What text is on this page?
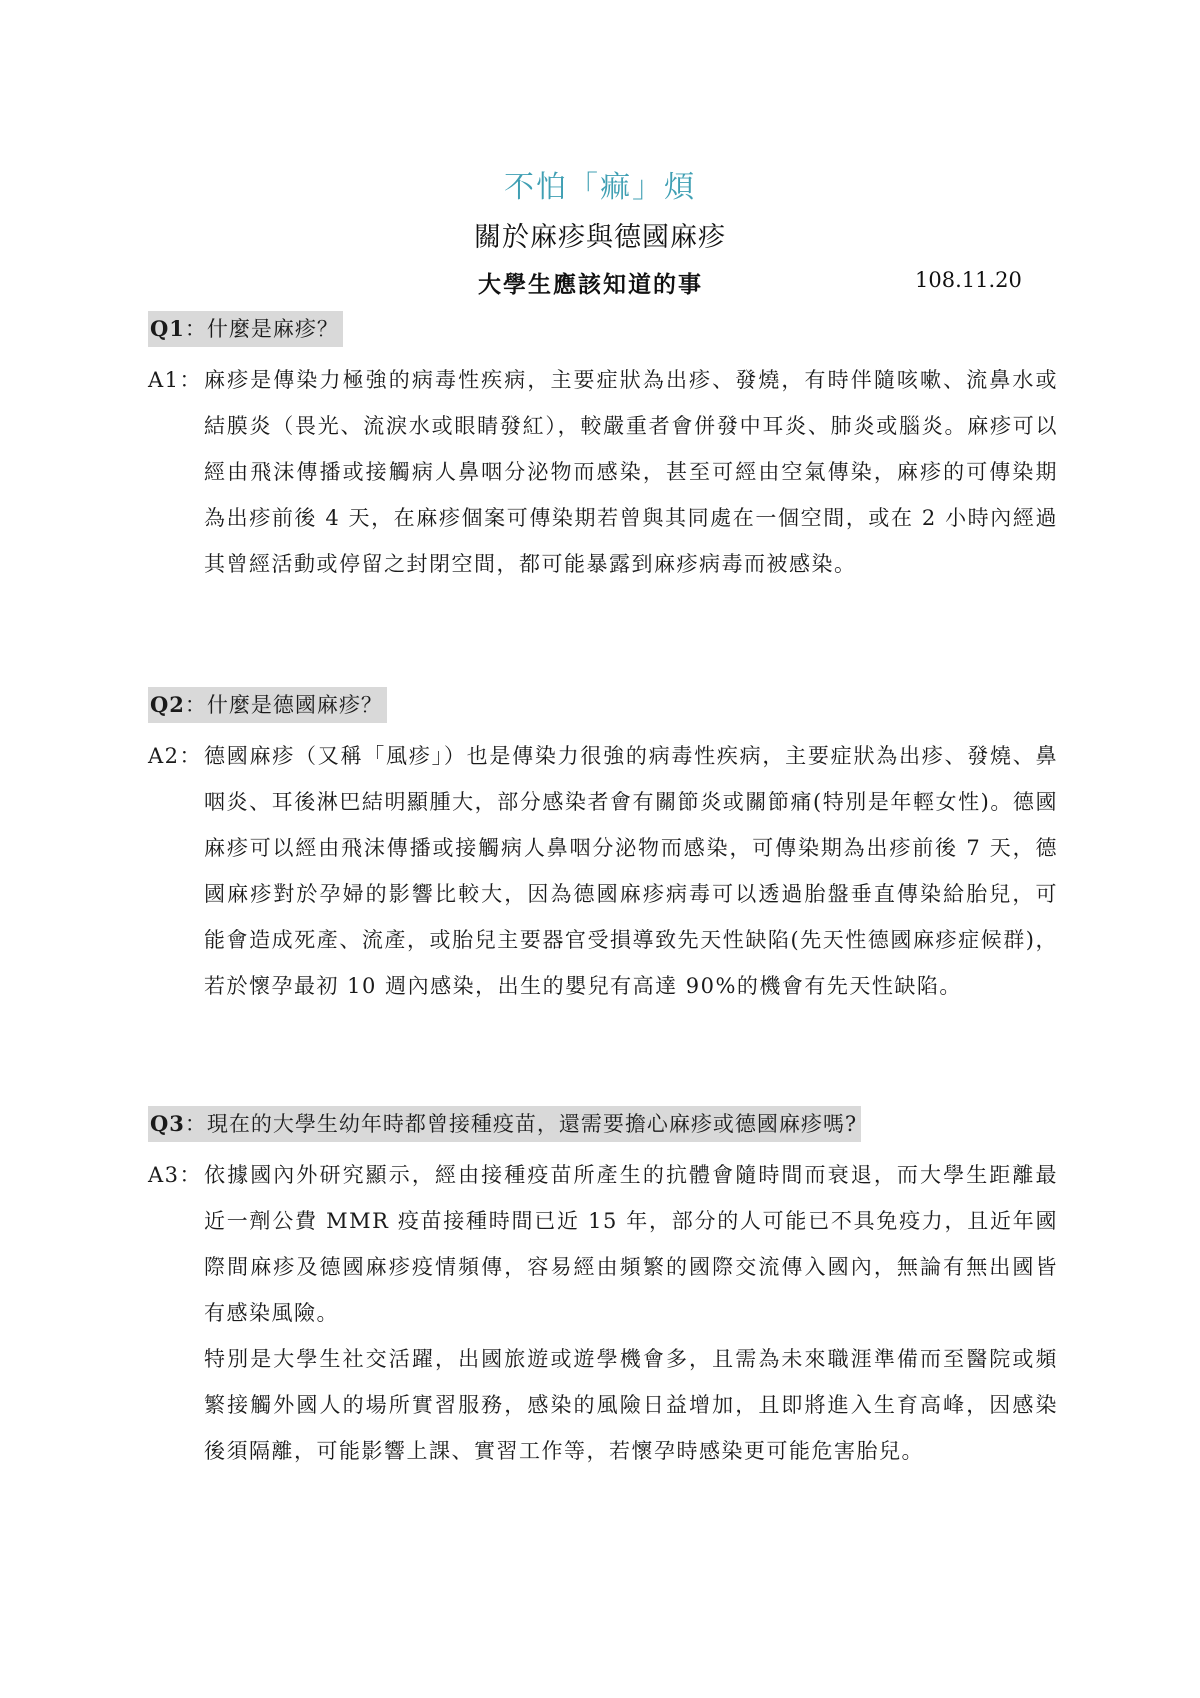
不怕「痲」煩
關於麻疹與德國麻疹
大學生應該知道的事	108.11.20
Q1：什麼是麻疹？
A1： 麻疹是傳染力極強的病毒性疾病，主要症狀為出疹、發燒，有時伴隨咳嗽、流鼻水或結膜炎（畏光、流淚水或眼睛發紅），較嚴重者會併發中耳炎、肺炎或腦炎。麻疹可以經由飛沫傳播或接觸病人鼻咽分泌物而感染，甚至可經由空氣傳染，麻疹的可傳染期為出疹前後 4 天，在麻疹個案可傳染期若曾與其同處在一個空間，或在 2 小時內經過其曾經活動或停留之封閉空間，都可能暴露到麻疹病毒而被感染。

Q2：什麼是德國麻疹？
A2： 德國麻疹（又稱「風疹」）也是傳染力很強的病毒性疾病，主要症狀為出疹、發燒、鼻咽炎、耳後淋巴結明顯腫大，部分感染者會有關節炎或關節痛(特別是年輕女性)。德國麻疹可以經由飛沫傳播或接觸病人鼻咽分泌物而感染，可傳染期為出疹前後 7 天，德國麻疹對於孕婦的影響比較大，因為德國麻疹病毒可以透過胎盤垂直傳染給胎兒，可能會造成死產、流產，或胎兒主要器官受損導致先天性缺陷(先天性德國麻疹症候群)，若於懷孕最初 10 週內感染，出生的嬰兒有高達 90%的機會有先天性缺陷。

Q3：現在的大學生幼年時都曾接種疫苗，還需要擔心麻疹或德國麻疹嗎?
A3： 依據國內外研究顯示，經由接種疫苗所產生的抗體會隨時間而衰退，而大學生距離最近一劑公費 MMR 疫苗接種時間已近 15 年，部分的人可能已不具免疫力，且近年國際間麻疹及德國麻疹疫情頻傳，容易經由頻繁的國際交流傳入國內，無論有無出國皆有感染風險。

特別是大學生社交活躍，出國旅遊或遊學機會多，且需為未來職涯準備而至醫院或頻繁接觸外國人的場所實習服務，感染的風險日益增加，且即將進入生育高峰，因感染後須隔離，可能影響上課、實習工作等，若懷孕時感染更可能危害胎兒。
